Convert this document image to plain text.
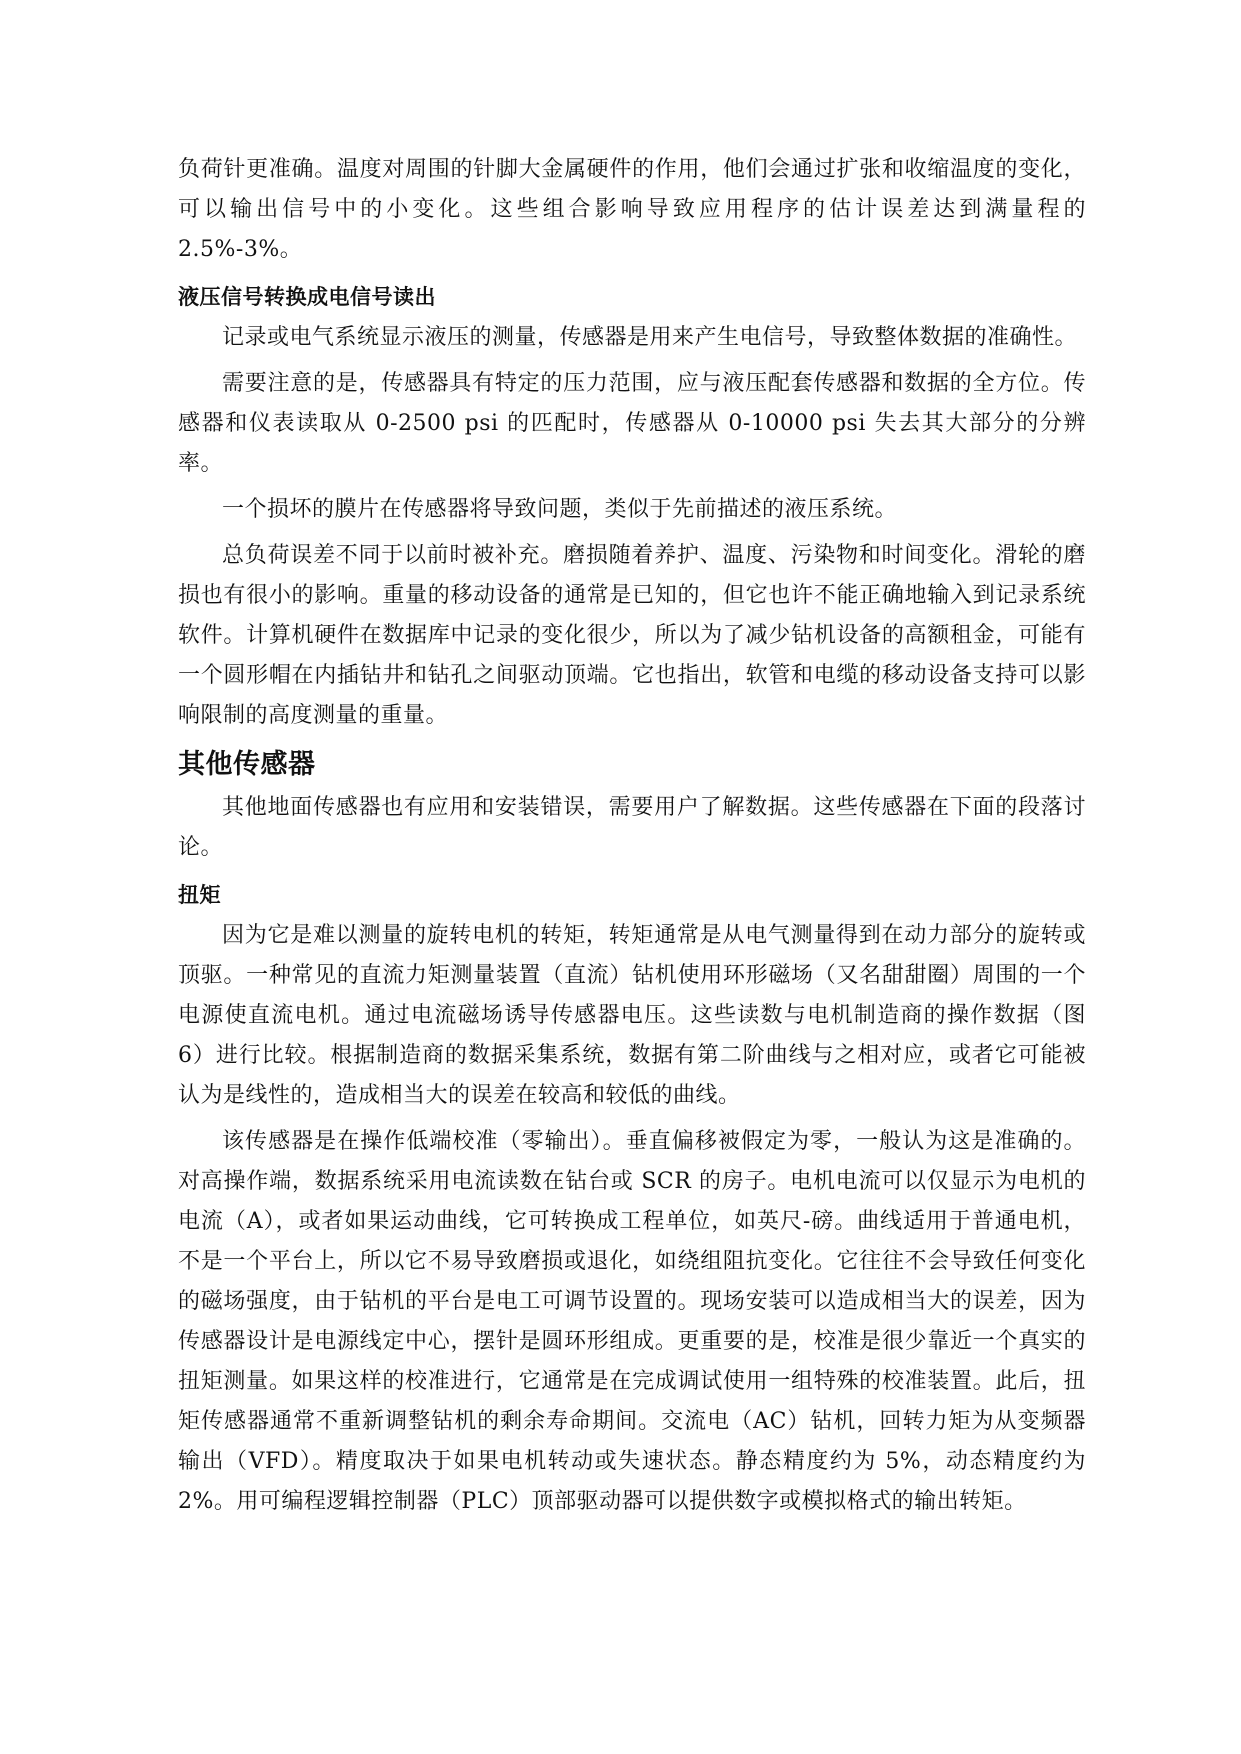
负荷针更准确。温度对周围的针脚大金属硬件的作用，他们会通过扩张和收缩温度的变化，可以输出信号中的小变化。这些组合影响导致应用程序的估计误差达到满量程的 2.5%-3%。

液压信号转换成电信号读出

记录或电气系统显示液压的测量，传感器是用来产生电信号，导致整体数据的准确性。

需要注意的是，传感器具有特定的压力范围，应与液压配套传感器和数据的全方位。传感器和仪表读取从 0-2500 psi 的匹配时，传感器从 0-10000 psi 失去其大部分的分辨率。

一个损坏的膜片在传感器将导致问题，类似于先前描述的液压系统。

总负荷误差不同于以前时被补充。磨损随着养护、温度、污染物和时间变化。滑轮的磨损也有很小的影响。重量的移动设备的通常是已知的，但它也许不能正确地输入到记录系统软件。计算机硬件在数据库中记录的变化很少，所以为了减少钻机设备的高额租金，可能有一个圆形帽在内插钻井和钻孔之间驱动顶端。它也指出，软管和电缆的移动设备支持可以影响限制的高度测量的重量。

其他传感器

其他地面传感器也有应用和安装错误，需要用户了解数据。这些传感器在下面的段落讨论。

扭矩

因为它是难以测量的旋转电机的转矩，转矩通常是从电气测量得到在动力部分的旋转或顶驱。一种常见的直流力矩测量装置（直流）钻机使用环形磁场（又名甜甜圈）周围的一个电源使直流电机。通过电流磁场诱导传感器电压。这些读数与电机制造商的操作数据（图 6）进行比较。根据制造商的数据采集系统，数据有第二阶曲线与之相对应，或者它可能被认为是线性的，造成相当大的误差在较高和较低的曲线。

该传感器是在操作低端校准（零输出）。垂直偏移被假定为零，一般认为这是准确的。对高操作端，数据系统采用电流读数在钻台或 SCR 的房子。电机电流可以仅显示为电机的电流（A），或者如果运动曲线，它可转换成工程单位，如英尺-磅。曲线适用于普通电机，不是一个平台上，所以它不易导致磨损或退化，如绕组阻抗变化。它往往不会导致任何变化的磁场强度，由于钻机的平台是电工可调节设置的。现场安装可以造成相当大的误差，因为传感器设计是电源线定中心，摆针是圆环形组成。更重要的是，校准是很少靠近一个真实的扭矩测量。如果这样的校准进行，它通常是在完成调试使用一组特殊的校准装置。此后，扭矩传感器通常不重新调整钻机的剩余寿命期间。交流电（AC）钻机，回转力矩为从变频器输出（VFD）。精度取决于如果电机转动或失速状态。静态精度约为 5%，动态精度约为 2%。用可编程逻辑控制器（PLC）顶部驱动器可以提供数字或模拟格式的输出转矩。
